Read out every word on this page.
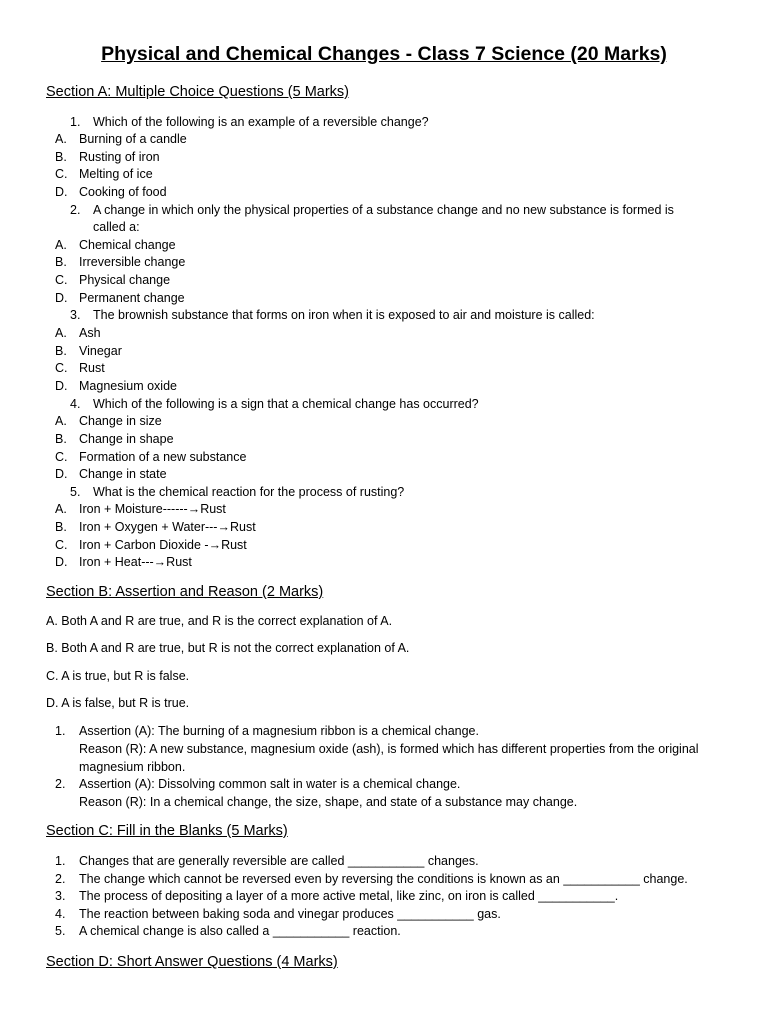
Physical and Chemical Changes - Class 7 Science (20 Marks)
Section A: Multiple Choice Questions (5 Marks)
1.	Which of the following is an example of a reversible change?
A. Burning of a candle
B. Rusting of iron
C. Melting of ice
D. Cooking of food
2.	A change in which only the physical properties of a substance change and no new substance is formed is
called a:
A. Chemical change
B. Irreversible change
C. Physical change
D. Permanent change
3.	The brownish substance that forms on iron when it is exposed to air and moisture is called:
A. Ash
B. Vinegar
C. Rust
D. Magnesium oxide
4.	Which of the following is a sign that a chemical change has occurred?
A. Change in size
B. Change in shape
C. Formation of a new substance
D. Change in state
5.	What is the chemical reaction for the process of rusting?
A. Iron + Moisture------→Rust
B. Iron + Oxygen + Water---→Rust
C. Iron + Carbon Dioxide -→Rust
D. Iron + Heat---→Rust
Section B: Assertion and Reason (2 Marks)
A. Both A and R are true, and R is the correct explanation of A.
B. Both A and R are true, but R is not the correct explanation of A.
C. A is true, but R is false.
D. A is false, but R is true.
1. Assertion (A): The burning of a magnesium ribbon is a chemical change.
Reason (R): A new substance, magnesium oxide (ash), is formed which has different properties from the original
magnesium ribbon.
2. Assertion (A): Dissolving common salt in water is a chemical change.
Reason (R): In a chemical change, the size, shape, and state of a substance may change.
Section C: Fill in the Blanks (5 Marks)
1. Changes that are generally reversible are called ___________ changes.
2. The change which cannot be reversed even by reversing the conditions is known as an ___________ change.
3. The process of depositing a layer of a more active metal, like zinc, on iron is called ___________.
4. The reaction between baking soda and vinegar produces ___________ gas.
5. A chemical change is also called a ___________ reaction.
Section D: Short Answer Questions (4 Marks)
